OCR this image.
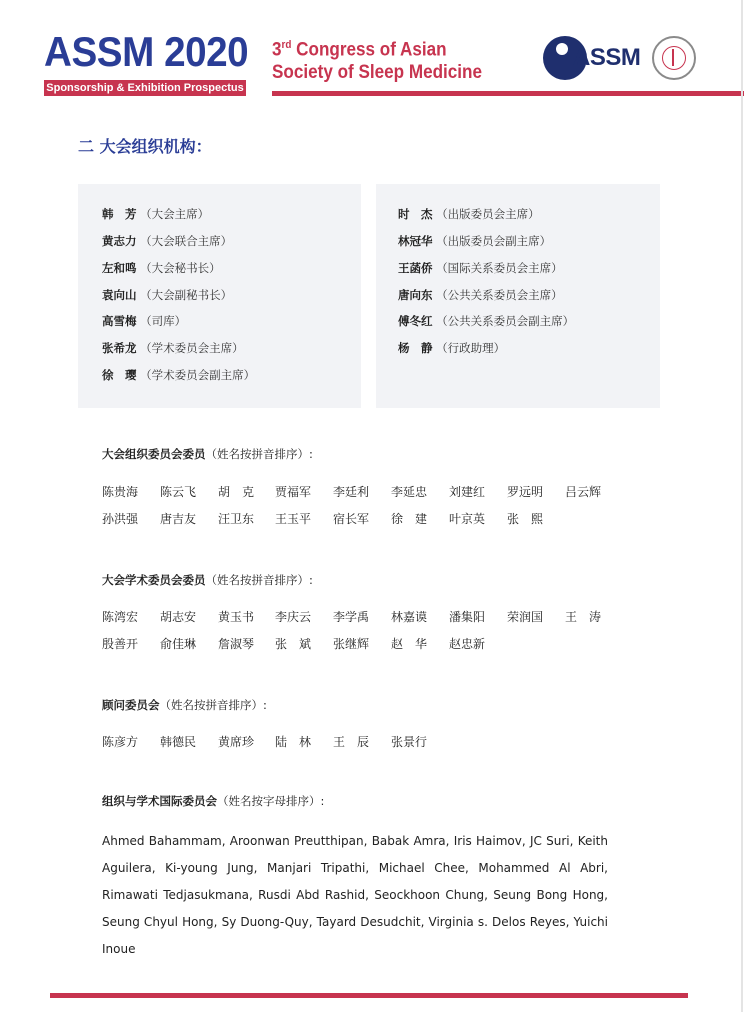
ASSM 2020
Sponsorship & Exhibition Prospectus
3rd Congress of Asian
Society of Sleep Medicine
ASSM
二 大会组织机构：
韩　芳 （大会主席）
黄志力 （大会联合主席）
左和鸣 （大会秘书长）
袁向山 （大会副秘书长）
高雪梅 （司库）
张希龙 （学术委员会主席）
徐　璎 （学术委员会副主席）
时　杰 （出版委员会主席）
林冠华 （出版委员会副主席）
王菡侨 （国际关系委员会主席）
唐向东 （公共关系委员会主席）
傅冬红 （公共关系委员会副主席）
杨　静 （行政助理）
大会组织委员会委员（姓名按拼音排序）:
陈贵海 陈云飞 胡　克 贾福军 李廷利 李延忠 刘建红 罗远明 吕云辉
孙洪强 唐吉友 汪卫东 王玉平 宿长军 徐　建 叶京英 张　熙
大会学术委员会委员（姓名按拼音排序）:
陈湾宏 胡志安 黄玉书 李庆云 李学禹 林嘉谟 潘集阳 荣润国 王　涛
殷善开 俞佳琳 詹淑琴 张　斌 张继辉 赵　华 赵忠新
顾问委员会（姓名按拼音排序）:
陈彦方 韩德民 黄席珍 陆　林 王　辰 张景行
组织与学术国际委员会（姓名按字母排序）:
Ahmed Bahammam, Aroonwan Preutthipan, Babak Amra, Iris Haimov, JC Suri, Keith Aguilera, Ki-young Jung, Manjari Tripathi, Michael Chee, Mohammed Al Abri, Rimawati Tedjasukmana, Rusdi Abd Rashid, Seockhoon Chung, Seung Bong Hong, Seung Chyul Hong, Sy Duong-Quy, Tayard Desudchit, Virginia s. Delos Reyes, Yuichi Inoue
